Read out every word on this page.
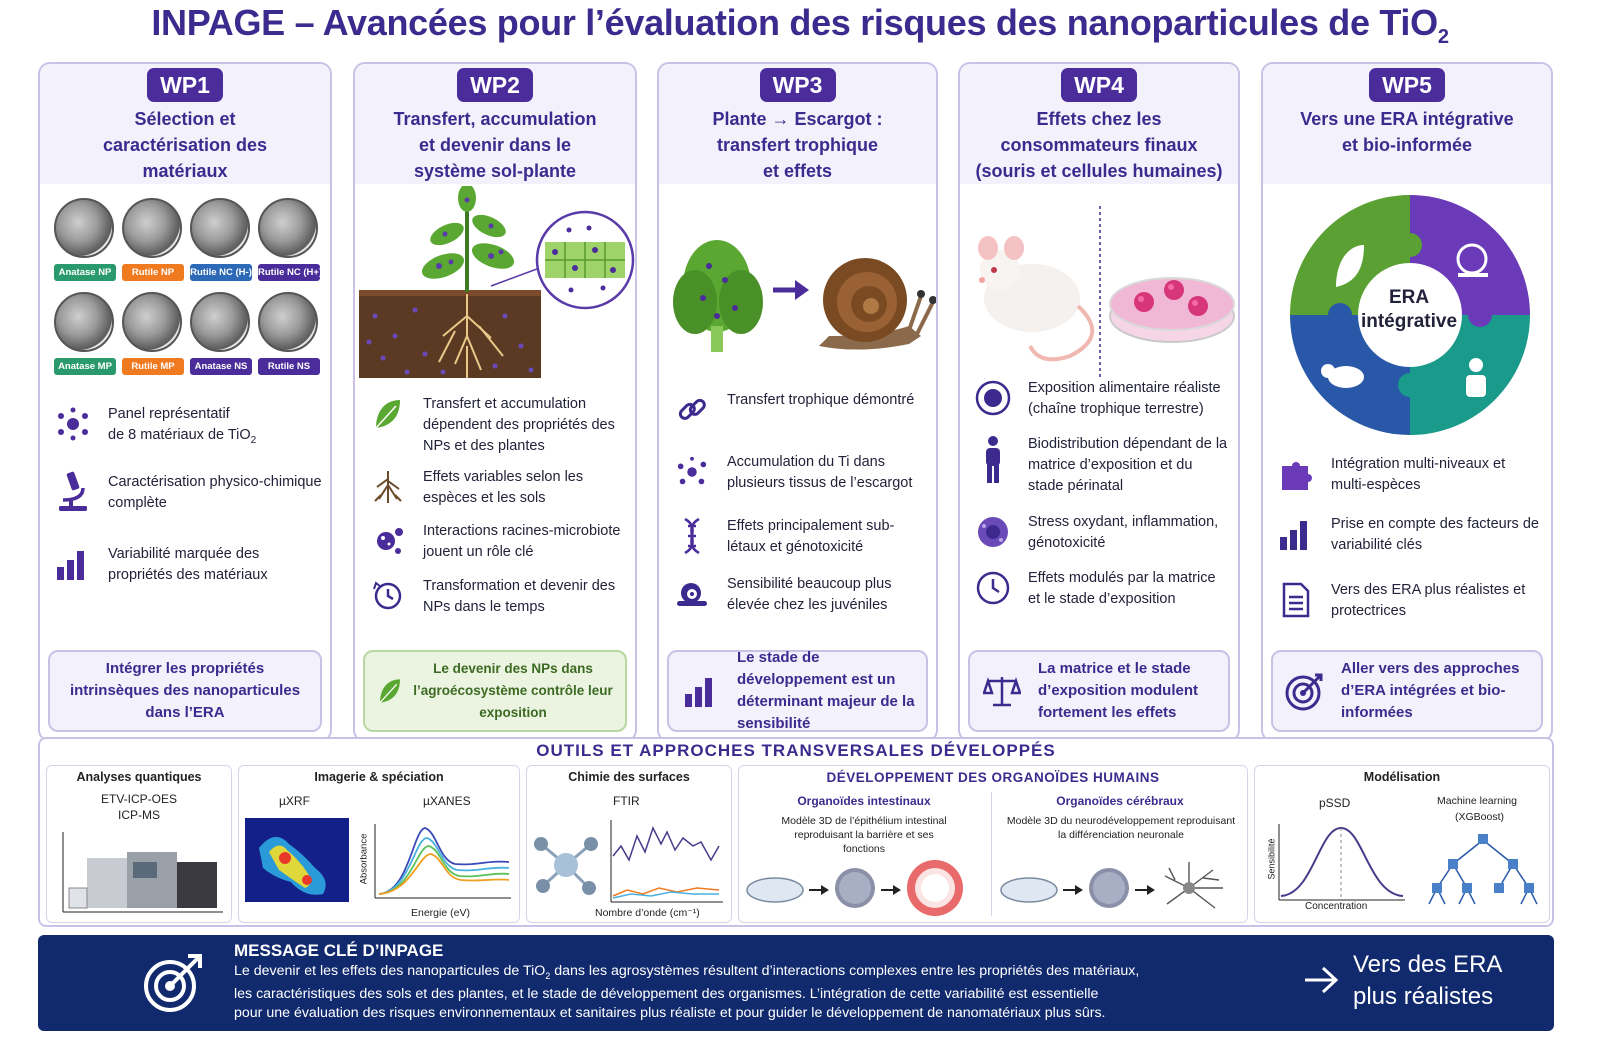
INPAGE – Avancées pour l’évaluation des risques des nanoparticules de TiO$_2$
WP1
Sélection et caractérisation des matériaux
Anatase NP	Rutile NP	Rutile NC (H-) Rutile NC (H+)
Anatase MP	Rutile MP	Anatase NS	Rutile NS
Panel représentatif
de 8 matériaux de TiO$_2$
Caractérisation physico-chimique complète
Variabilité marquée des propriétés des matériaux
Intégrer les propriétés intrinsèques des nanoparticules dans l’ERA
WP2
Transfert, accumulation et devenir dans le système sol-plante
Transfert et accumulation dépendent des propriétés des NPs et des plantes
Effets variables selon les espèces et les sols
Interactions racines-microbiote jouent un rôle clé
Transformation et devenir des NPs dans le temps
Le devenir des NPs dans l’agroécosystème contrôle leur exposition
WP3
Plante → Escargot : transfert trophique et effets
Transfert trophique démontré
Accumulation du Ti dans plusieurs tissus de l’escargot
Effets principalement sub-létaux et génotoxicité
Sensibilité beaucoup plus élevée chez les juvéniles
Le stade de développement est un déterminant majeur de la sensibilité
WP4
Effets chez les consommateurs finaux (souris et cellules humaines)
Exposition alimentaire réaliste (chaîne trophique terrestre)
Biodistribution dépendant de la matrice d’exposition et du stade périnatal
Stress oxydant, inflammation, génotoxicité
Effets modulés par la matrice et le stade d’exposition
La matrice et le stade d’exposition modulent fortement les effets
WP5
Vers une ERA intégrative et bio-informée
ERA
intégrative
Intégration multi-niveaux et multi-espèces
Prise en compte des facteurs de variabilité clés
Vers des ERA plus réalistes et protectrices
Aller vers des approches d’ERA intégrées et bio-informées
OUTILS ET APPROCHES TRANSVERSALES DÉVELOPPÉS
Analyses quantiques
ETV-ICP-OES
ICP-MS
Imagerie & spéciation
µXRF	µXANES
Absorbance
Energie (eV)
Chimie des surfaces
FTIR
Nombre d’onde (cm⁻¹)
DÉVELOPPEMENT DES ORGANOÏDES HUMAINS
Organoïdes intestinaux
Modèle 3D de l’épithélium intestinal reproduisant la barrière et ses fonctions
Organoïdes cérébraux
Modèle 3D du neurodéveloppement reproduisant la différenciation neuronale
Modélisation
pSSD	Machine learning
(XGBoost)
Sensibilité
Concentration
MESSAGE CLÉ D’INPAGE
Le devenir et les effets des nanoparticules de TiO$_2$ dans les agrosystèmes résultent d’interactions complexes entre les propriétés des matériaux,
les caractéristiques des sols et des plantes, et le stade de développement des organismes. L’intégration de cette variabilité est essentielle
pour une évaluation des risques environnementaux et sanitaires plus réaliste et pour guider le développement de nanomatériaux plus sûrs.
Vers des ERA
plus réalistes
